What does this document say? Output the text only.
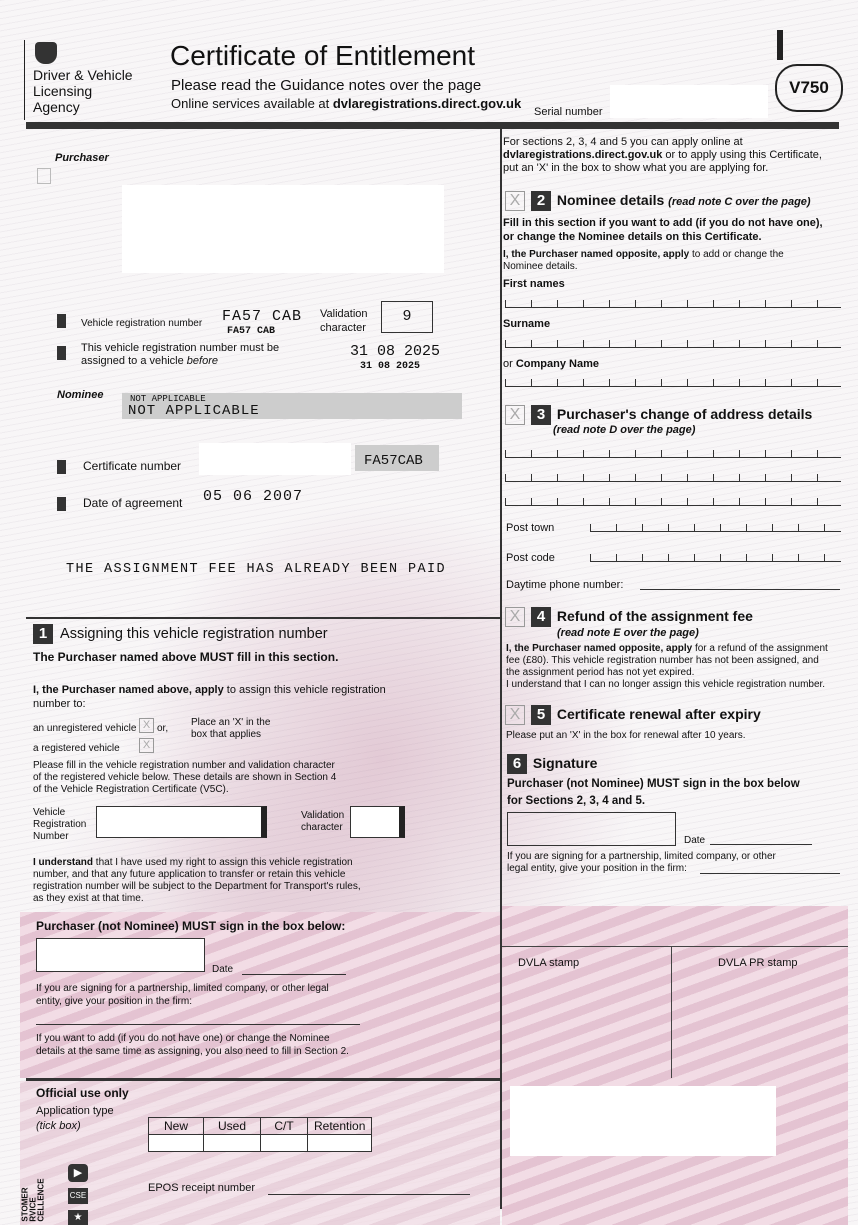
Driver & Vehicle
Licensing
Agency
Certificate of Entitlement
Please read the Guidance notes over the page
Online services available at dvlaregistrations.direct.gov.uk
V750
Serial number
Purchaser
Vehicle registration number FA57 CAB
FA57 CAB
Validation
character
9
This vehicle registration number must be
assigned to a vehicle before
31 08 2025
31 08 2025
Nominee	NOT APPLICABLE
NOT APPLICABLE
Certificate number	FA57CAB
Date of agreement 05 06 2007
THE ASSIGNMENT FEE HAS ALREADY BEEN PAID
1 Assigning this vehicle registration number
The Purchaser named above MUST fill in this section.
I, the Purchaser named above, apply to assign this vehicle registration
number to:
an unregistered vehicle X or,
Place an 'X' in the
box that applies
a registered vehicle	X
Please fill in the vehicle registration number and validation character
of the registered vehicle below. These details are shown in Section 4
of the Vehicle Registration Certificate (V5C).
Vehicle
Registration
Number
Validation
character
I understand that I have used my right to assign this vehicle registration
number, and that any future application to transfer or retain this vehicle
registration number will be subject to the Department for Transport's rules,
as they exist at that time.
Purchaser (not Nominee) MUST sign in the box below:
Date
If you are signing for a partnership, limited company, or other legal
entity, give your position in the firm:
If you want to add (if you do not have one) or change the Nominee
details at the same time as assigning, you also need to fill in Section 2.
Official use only
Application type
(tick box)	New	Used	C/T	Retention

EPOS receipt number
STOMER RVICE CELLENCE
▶
CSE
★
For sections 2, 3, 4 and 5 you can apply online at
dvlaregistrations.direct.gov.uk or to apply using this Certificate,
put an 'X' in the box to show what you are applying for.
X	2 Nominee details (read note C over the page)
Fill in this section if you want to add (if you do not have one),
or change the Nominee details on this Certificate.
I, the Purchaser named opposite, apply to add or change the
Nominee details.
First names
Surname
or Company Name
X	3 Purchaser's change of address details
(read note D over the page)
Post town
Post code
Daytime phone number:
X	4 Refund of the assignment fee
(read note E over the page)
I, the Purchaser named opposite, apply for a refund of the assignment
fee (£80). This vehicle registration number has not been assigned, and
the assignment period has not yet expired.
I understand that I can no longer assign this vehicle registration number.
X	5 Certificate renewal after expiry
Please put an 'X' in the box for renewal after 10 years.
6 Signature
Purchaser (not Nominee) MUST sign in the box below
for Sections 2, 3, 4 and 5.
Date
If you are signing for a partnership, limited company, or other
legal entity, give your position in the firm:
DVLA stamp	DVLA PR stamp
